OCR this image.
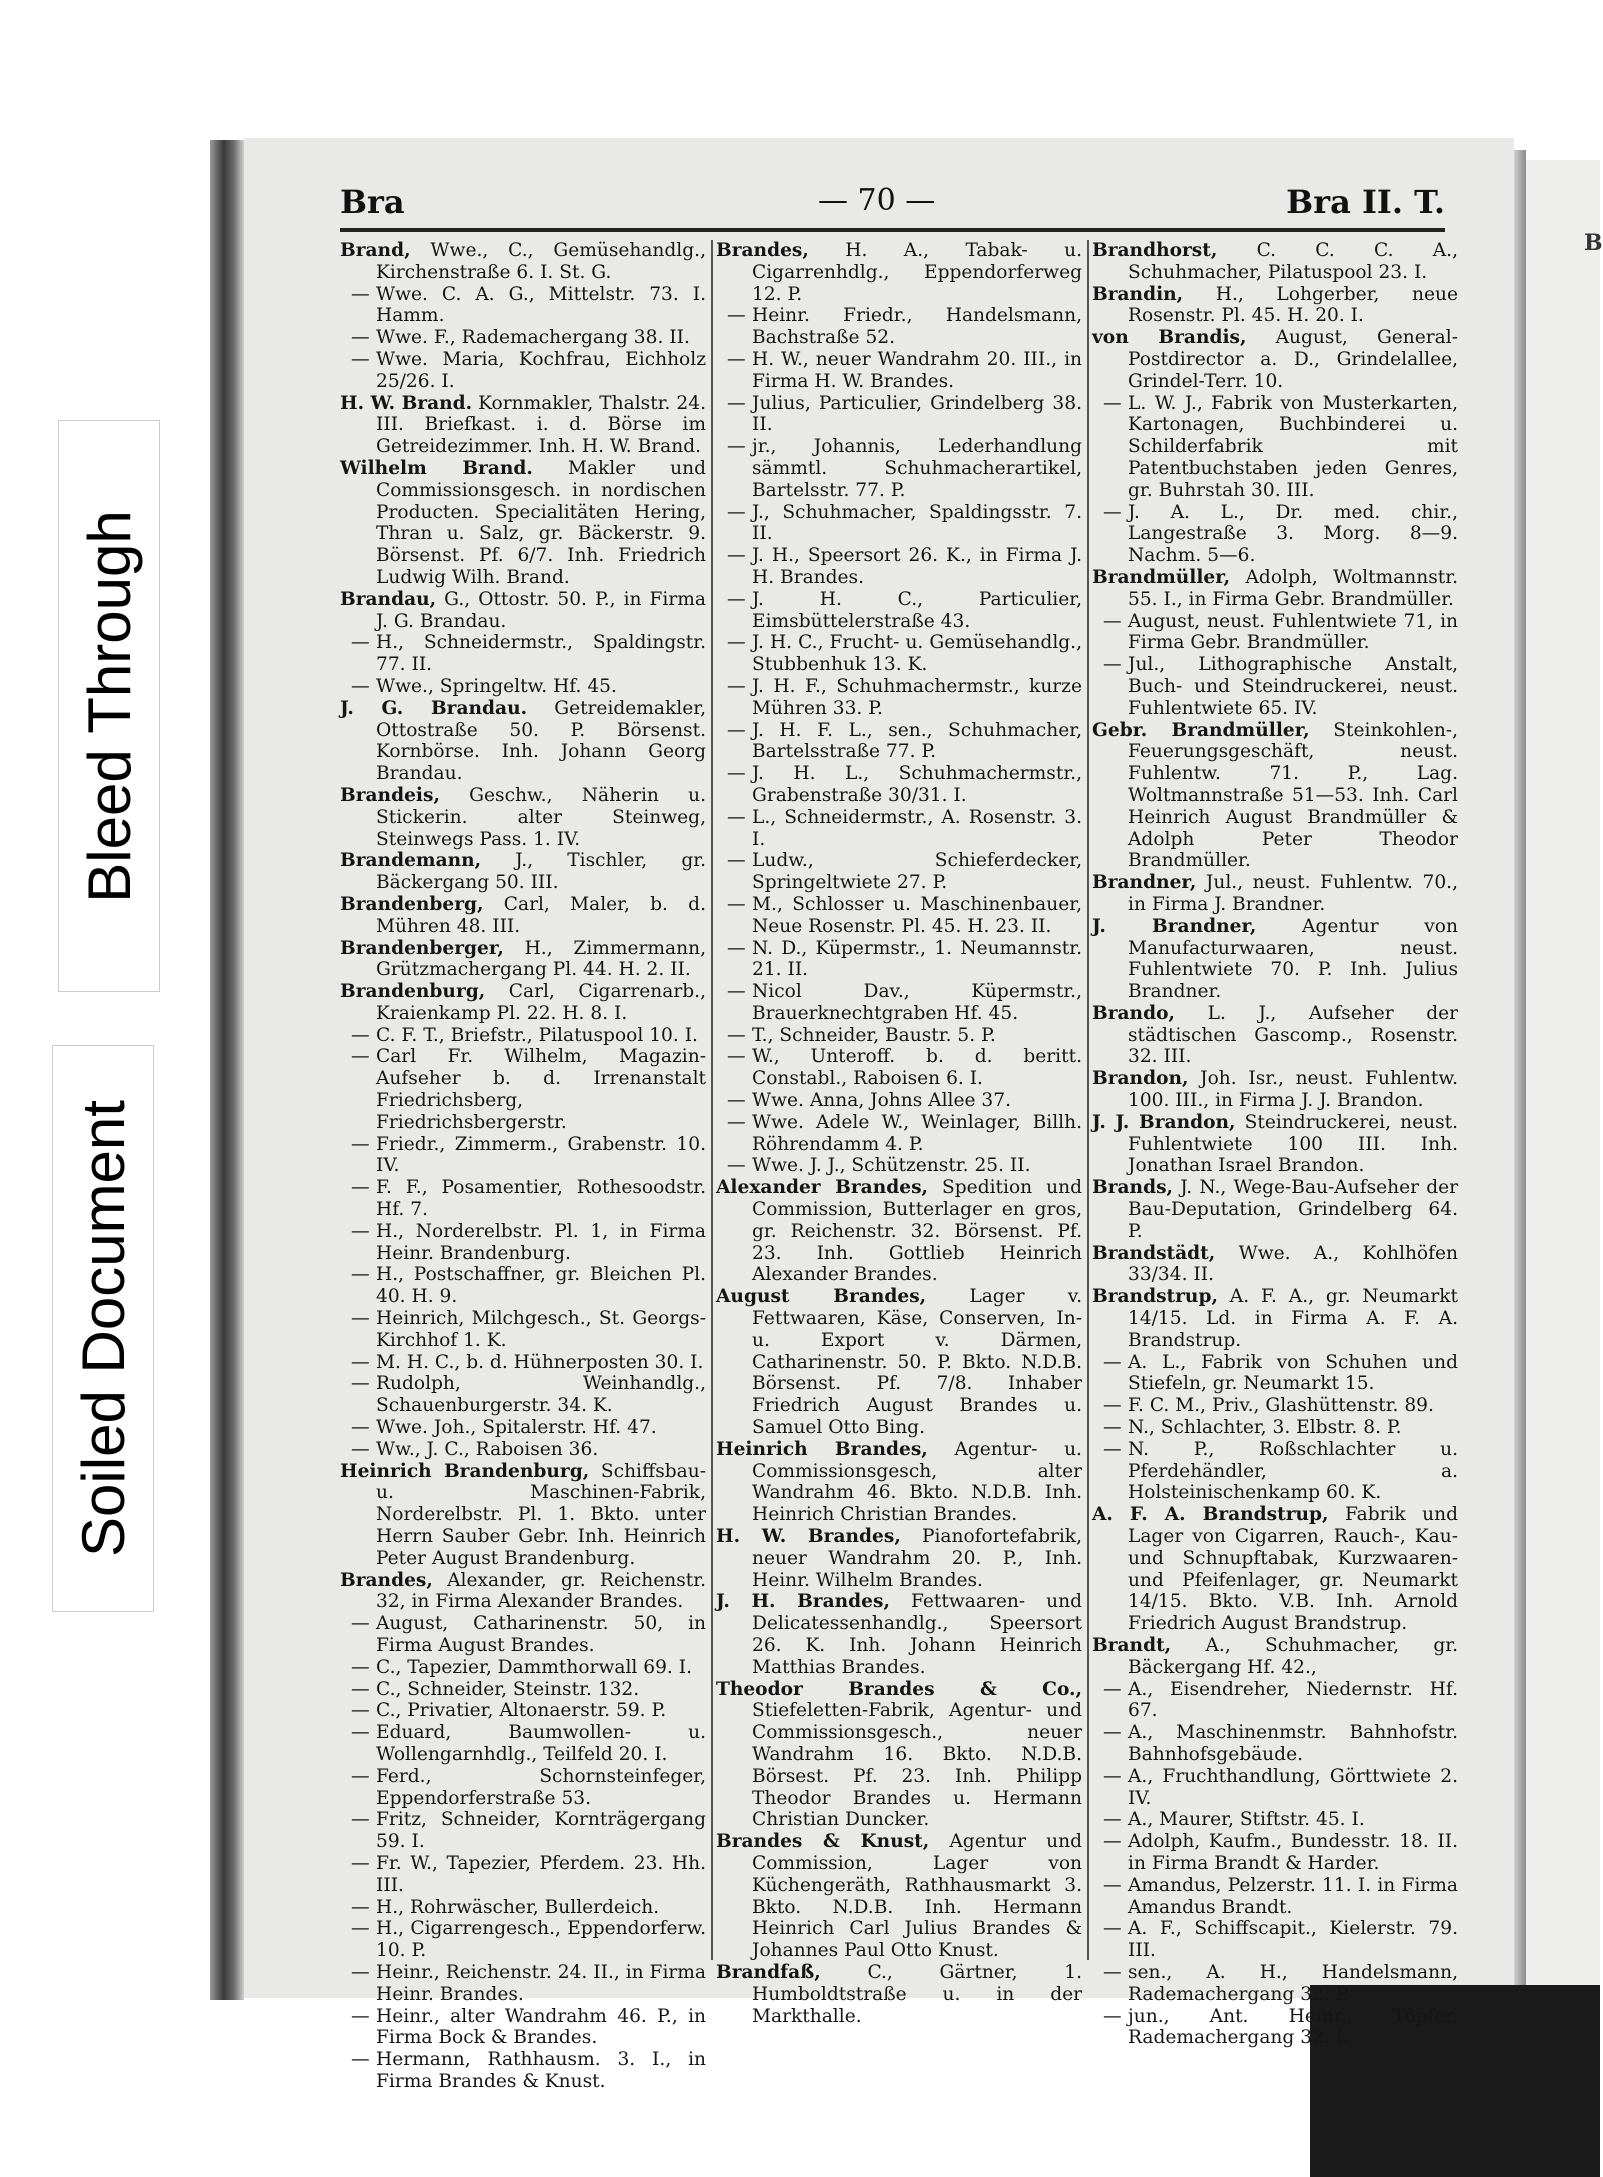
B
Bleed Through
Soiled Document
Bra	— 70 —	Bra II. T.

Brand, Wwe., C., Gemüsehandlg., Kirchenstraße 6. I. St. G.

— Wwe. C. A. G., Mittelstr. 73. I. Hamm.

— Wwe. F., Rademachergang 38. II.

— Wwe. Maria, Kochfrau, Eichholz 25/26. I.

H. W. Brand. Kornmakler, Thalstr. 24. III. Briefkast. i. d. Börse im Getreidezimmer. Inh. H. W. Brand.

Wilhelm Brand. Makler und Commissionsgesch. in nordischen Producten. Specialitäten Hering, Thran u. Salz, gr. Bäckerstr. 9. Börsenst. Pf. 6/7. Inh. Friedrich Ludwig Wilh. Brand.

Brandau, G., Ottostr. 50. P., in Firma J. G. Brandau.

— H., Schneidermstr., Spaldingstr. 77. II.

— Wwe., Springeltw. Hf. 45.

J. G. Brandau. Getreidemakler, Ottostraße 50. P. Börsenst. Kornbörse. Inh. Johann Georg Brandau.

Brandeis, Geschw., Näherin u. Stickerin. alter Steinweg, Steinwegs Pass. 1. IV.

Brandemann, J., Tischler, gr. Bäckergang 50. III.

Brandenberg, Carl, Maler, b. d. Mühren 48. III.

Brandenberger, H., Zimmermann, Grützmachergang Pl. 44. H. 2. II.

Brandenburg, Carl, Cigarrenarb., Kraienkamp Pl. 22. H. 8. I.

— C. F. T., Briefstr., Pilatuspool 10. I.

— Carl Fr. Wilhelm, Magazin-Aufseher b. d. Irrenanstalt Friedrichsberg, Friedrichsbergerstr.

— Friedr., Zimmerm., Grabenstr. 10. IV.

— F. F., Posamentier, Rothesoodstr. Hf. 7.

— H., Norderelbstr. Pl. 1, in Firma Heinr. Brandenburg.

— H., Postschaffner, gr. Bleichen Pl. 40. H. 9.

— Heinrich, Milchgesch., St. Georgs-Kirchhof 1. K.

— M. H. C., b. d. Hühnerposten 30. I.

— Rudolph, Weinhandlg., Schauenburgerstr. 34. K.

— Wwe. Joh., Spitalerstr. Hf. 47.

— Ww., J. C., Raboisen 36.

Heinrich Brandenburg, Schiffsbau- u. Maschinen-Fabrik, Norderelbstr. Pl. 1. Bkto. unter Herrn Sauber Gebr. Inh. Heinrich Peter August Brandenburg.

Brandes, Alexander, gr. Reichenstr. 32, in Firma Alexander Brandes.

— August, Catharinenstr. 50, in Firma August Brandes.

— C., Tapezier, Dammthorwall 69. I.

— C., Schneider, Steinstr. 132.

— C., Privatier, Altonaerstr. 59. P.

— Eduard, Baumwollen- u. Wollengarnhdlg., Teilfeld 20. I.

— Ferd., Schornsteinfeger, Eppendorferstraße 53.

— Fritz, Schneider, Kornträgergang 59. I.

— Fr. W., Tapezier, Pferdem. 23. Hh. III.

— H., Rohrwäscher, Bullerdeich.

— H., Cigarrengesch., Eppendorferw. 10. P.

— Heinr., Reichenstr. 24. II., in Firma Heinr. Brandes.

— Heinr., alter Wandrahm 46. P., in Firma Bock & Brandes.

— Hermann, Rathhausm. 3. I., in Firma Brandes & Knust.

Brandes, H. A., Tabak- u. Cigarrenhdlg., Eppendorferweg 12. P.

— Heinr. Friedr., Handelsmann, Bachstraße 52.

— H. W., neuer Wandrahm 20. III., in Firma H. W. Brandes.

— Julius, Particulier, Grindelberg 38. II.

— jr., Johannis, Lederhandlung sämmtl. Schuhmacherartikel, Bartelsstr. 77. P.

— J., Schuhmacher, Spaldingsstr. 7. II.

— J. H., Speersort 26. K., in Firma J. H. Brandes.

— J. H. C., Particulier, Eimsbüttelerstraße 43.

— J. H. C., Frucht- u. Gemüsehandlg., Stubbenhuk 13. K.

— J. H. F., Schuhmachermstr., kurze Mühren 33. P.

— J. H. F. L., sen., Schuhmacher, Bartelsstraße 77. P.

— J. H. L., Schuhmachermstr., Grabenstraße 30/31. I.

— L., Schneidermstr., A. Rosenstr. 3. I.

— Ludw., Schieferdecker, Springeltwiete 27. P.

— M., Schlosser u. Maschinenbauer, Neue Rosenstr. Pl. 45. H. 23. II.

— N. D., Küpermstr., 1. Neumannstr. 21. II.

— Nicol Dav., Küpermstr., Brauerknechtgraben Hf. 45.

— T., Schneider, Baustr. 5. P.

— W., Unteroff. b. d. beritt. Constabl., Raboisen 6. I.

— Wwe. Anna, Johns Allee 37.

— Wwe. Adele W., Weinlager, Billh. Röhrendamm 4. P.

— Wwe. J. J., Schützenstr. 25. II.

Alexander Brandes, Spedition und Commission, Butterlager en gros, gr. Reichenstr. 32. Börsenst. Pf. 23. Inh. Gottlieb Heinrich Alexander Brandes.

August Brandes, Lager v. Fettwaaren, Käse, Conserven, In- u. Export v. Därmen, Catharinenstr. 50. P. Bkto. N.D.B. Börsenst. Pf. 7/8. Inhaber Friedrich August Brandes u. Samuel Otto Bing.

Heinrich Brandes, Agentur- u. Commissionsgesch, alter Wandrahm 46. Bkto. N.D.B. Inh. Heinrich Christian Brandes.

H. W. Brandes, Pianofortefabrik, neuer Wandrahm 20. P., Inh. Heinr. Wilhelm Brandes.

J. H. Brandes, Fettwaaren- und Delicatessenhandlg., Speersort 26. K. Inh. Johann Heinrich Matthias Brandes.

Theodor Brandes & Co., Stiefeletten-Fabrik, Agentur- und Commissionsgesch., neuer Wandrahm 16. Bkto. N.D.B. Börsest. Pf. 23. Inh. Philipp Theodor Brandes u. Hermann Christian Duncker.

Brandes & Knust, Agentur und Commission, Lager von Küchengeräth, Rathhausmarkt 3. Bkto. N.D.B. Inh. Hermann Heinrich Carl Julius Brandes & Johannes Paul Otto Knust.

Brandfaß,	C., Gärtner, 1. Humboldtstraße u. in der Markthalle.

Brandhorst, C. C. C. A., Schuhmacher, Pilatuspool 23. I.

Brandin, H., Lohgerber, neue Rosenstr. Pl. 45. H. 20. I.

von Brandis, August, General-Postdirector a. D., Grindelallee, Grindel-Terr. 10.

— L. W. J., Fabrik von Musterkarten, Kartonagen, Buchbinderei u. Schilderfabrik mit Patentbuchstaben jeden Genres, gr. Buhrstah 30. III.

— J. A. L., Dr. med. chir., Langestraße 3. Morg. 8—9. Nachm. 5—6.

Brandmüller, Adolph, Woltmannstr. 55. I., in Firma Gebr. Brandmüller.

— August, neust. Fuhlentwiete 71, in Firma Gebr. Brandmüller.

— Jul., Lithographische Anstalt, Buch- und Steindruckerei, neust. Fuhlentwiete 65. IV.

Gebr. Brandmüller, Steinkohlen-, Feuerungsgeschäft, neust. Fuhlentw. 71. P., Lag. Woltmannstraße 51—53. Inh. Carl Heinrich August Brandmüller & Adolph Peter Theodor Brandmüller.

Brandner, Jul., neust. Fuhlentw. 70., in Firma J. Brandner.

J. Brandner, Agentur von Manufacturwaaren, neust. Fuhlentwiete 70. P. Inh. Julius Brandner.

Brando, L. J., Aufseher der städtischen Gascomp., Rosenstr. 32. III.

Brandon, Joh. Isr., neust. Fuhlentw. 100. III., in Firma J. J. Brandon.

J. J. Brandon, Steindruckerei, neust. Fuhlentwiete 100 III. Inh. Jonathan Israel Brandon.

Brands, J. N., Wege-Bau-Aufseher der Bau-Deputation, Grindelberg 64. P.

Brandstädt, Wwe. A., Kohlhöfen 33/34. II.

Brandstrup, A. F. A., gr. Neumarkt 14/15. Ld. in Firma A. F. A. Brandstrup.

— A. L., Fabrik von Schuhen und Stiefeln, gr. Neumarkt 15.

— F. C. M., Priv., Glashüttenstr. 89.

— N., Schlachter, 3. Elbstr. 8. P.

— N. P., Roßschlachter u. Pferdehändler, a. Holsteinischenkamp 60. K.

A. F. A. Brandstrup, Fabrik und Lager von Cigarren, Rauch-, Kau- und Schnupftabak, Kurzwaaren- und Pfeifenlager, gr. Neumarkt 14/15. Bkto. V.B. Inh. Arnold Friedrich August Brandstrup.

Brandt, A., Schuhmacher, gr. Bäckergang Hf. 42.,

— A., Eisendreher, Niedernstr. Hf. 67.

— A., Maschinenmstr. Bahnhofstr. Bahnhofsgebäude.

— A., Fruchthandlung, Görttwiete 2. IV.

— A., Maurer, Stiftstr. 45. I.

— Adolph, Kaufm., Bundesstr. 18. II. in Firma Brandt & Harder.

— Amandus, Pelzerstr. 11. I. in Firma Amandus Brandt.

— A. F., Schiffscapit., Kielerstr. 79. III.

— sen., A. H., Handelsmann, Rademachergang 32. P.

— jun., Ant. Heinr., Töpfer, Rademachergang 32. I.
